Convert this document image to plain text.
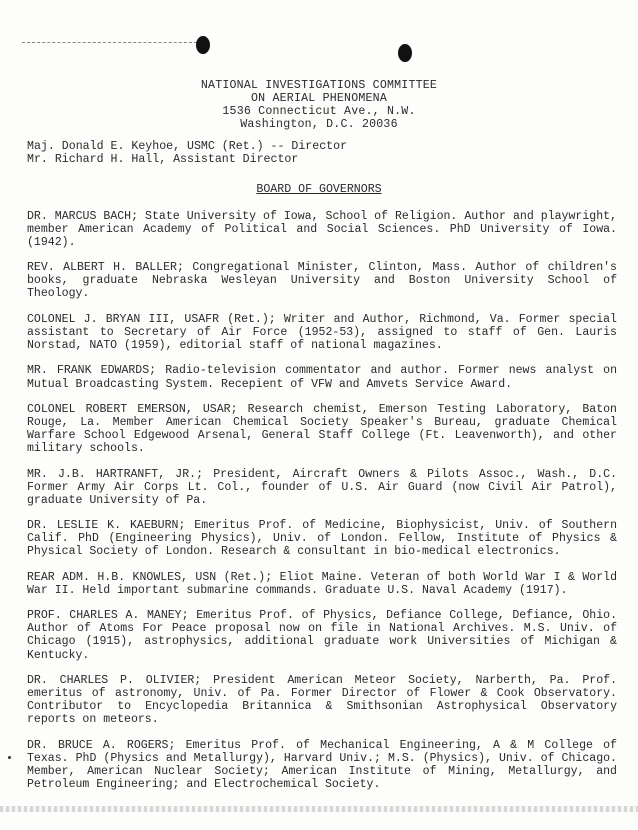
NATIONAL INVESTIGATIONS COMMITTEE
ON AERIAL PHENOMENA
1536 Connecticut Ave., N.W.
Washington, D.C. 20036
Maj. Donald E. Keyhoe, USMC (Ret.) -- Director
Mr. Richard H. Hall, Assistant Director
BOARD OF GOVERNORS
DR. MARCUS BACH; State University of Iowa, School of Religion. Author and playwright, member American Academy of Political and Social Sciences. PhD University of Iowa.(1942).
REV. ALBERT H. BALLER; Congregational Minister, Clinton, Mass. Author of children's books, graduate Nebraska Wesleyan University and Boston University School of Theology.
COLONEL J. BRYAN III, USAFR (Ret.); Writer and Author, Richmond, Va. Former special assistant to Secretary of Air Force (1952-53), assigned to staff of Gen. Lauris Norstad, NATO (1959), editorial staff of national magazines.
MR. FRANK EDWARDS; Radio-television commentator and author. Former news analyst on Mutual Broadcasting System. Recepient of VFW and Amvets Service Award.
COLONEL ROBERT EMERSON, USAR; Research chemist, Emerson Testing Laboratory, Baton Rouge, La. Member American Chemical Society Speaker's Bureau, graduate Chemical Warfare School Edgewood Arsenal, General Staff College (Ft. Leavenworth), and other military schools.
MR. J.B. HARTRANFT, JR.; President, Aircraft Owners & Pilots Assoc., Wash., D.C. Former Army Air Corps Lt. Col., founder of U.S. Air Guard (now Civil Air Patrol), graduate University of Pa.
DR. LESLIE K. KAEBURN; Emeritus Prof. of Medicine, Biophysicist, Univ. of Southern Calif. PhD (Engineering Physics), Univ. of London. Fellow, Institute of Physics & Physical Society of London. Research & consultant in bio-medical electronics.
REAR ADM. H.B. KNOWLES, USN (Ret.); Eliot Maine. Veteran of both World War I & World War II. Held important submarine commands. Graduate U.S. Naval Academy (1917).
PROF. CHARLES A. MANEY; Emeritus Prof. of Physics, Defiance College, Defiance, Ohio. Author of Atoms For Peace proposal now on file in National Archives. M.S. Univ. of Chicago (1915), astrophysics, additional graduate work Universities of Michigan & Kentucky.
DR. CHARLES P. OLIVIER; President American Meteor Society, Narberth, Pa. Prof. emeritus of astronomy, Univ. of Pa. Former Director of Flower & Cook Observatory. Contributor to Encyclopedia Britannica & Smithsonian Astrophysical Observatory reports on meteors.
DR. BRUCE A. ROGERS; Emeritus Prof. of Mechanical Engineering, A & M College of Texas. PhD (Physics and Metallurgy), Harvard Univ.; M.S. (Physics), Univ. of Chicago. Member, American Nuclear Society; American Institute of Mining, Metallurgy, and Petroleum Engineering; and Electrochemical Society.
